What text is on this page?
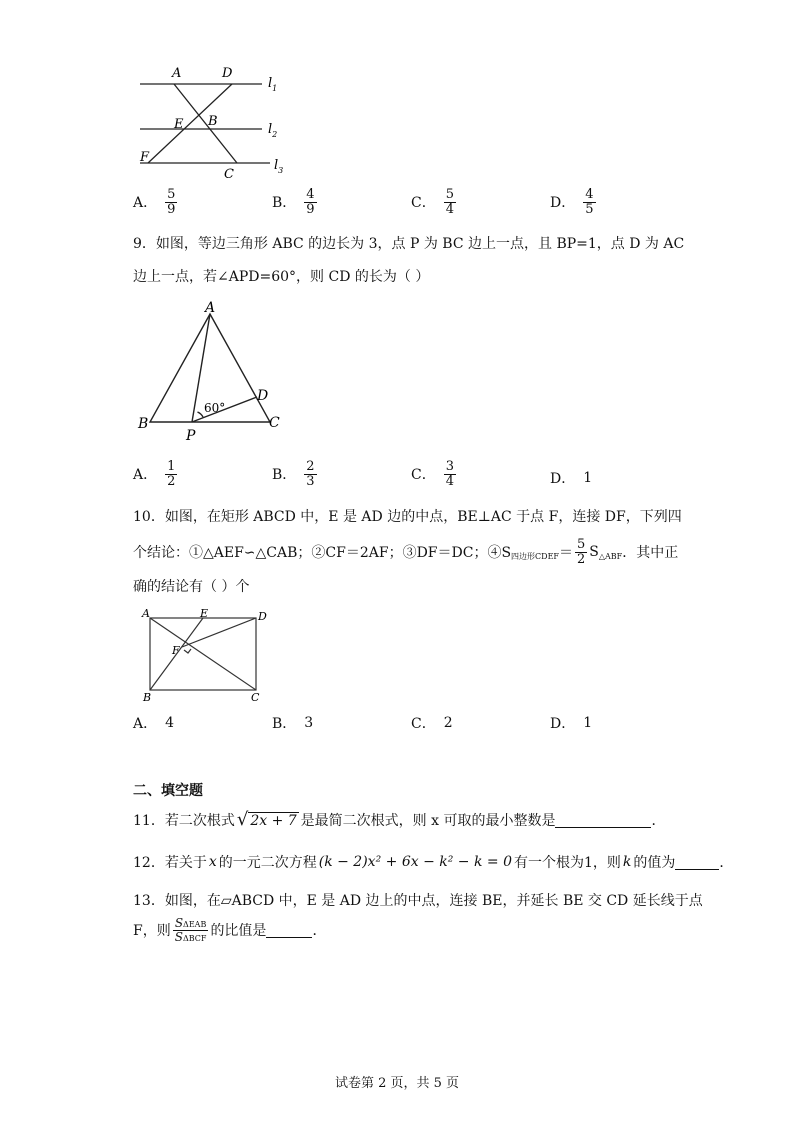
A	D
E B
F
C
$l_1$
$l_2$
$l_3$
A． $\frac{5}{9}$	B． $\frac{4}{9}$	C． $\frac{5}{4}$	D． $\frac{4}{5}$
9．如图，等边三角形 ABC 的边长为 3，点 P 为 BC 边上一点，且 BP=1，点 D 为 AC
边上一点，若∠APD=60°，则 CD 的长为（ ）
A
D
60°
B
P
C
A． $\frac{1}{2}$	B． $\frac{2}{3}$	C． $\frac{3}{4}$	D． 1
10．如图，在矩形 ABCD 中，E 是 AD 边的中点，BE⊥AC 于点 F，连接 DF，下列四
个结论：①△AEF∽△CAB；②CF＝2AF；③DF＝DC；④S 四边形CDEF ＝ $\frac{5}{2}$ S △ABF ．其中正
确的结论有（ ）个
A	E	D
F
B	C
A． 4	B． 3	C． 2	D． 1
二、填空题
11．若二次根式 √ 2x + 7 是最简二次根式，则 x 可取的最小整数是	．
12．若关于 x 的一元二次方程 (k − 2)x² + 6x − k² − k = 0 有一个根为1，则 k 的值为	．
13．如图，在▱ABCD 中，E 是 AD 边上的中点，连接 BE，并延长 BE 交 CD 延长线于点
F，则 $\frac{\text{SΔEAB}}{\text{SΔBCF}}$ 的比值是	．
试卷第 2 页，共 5 页
